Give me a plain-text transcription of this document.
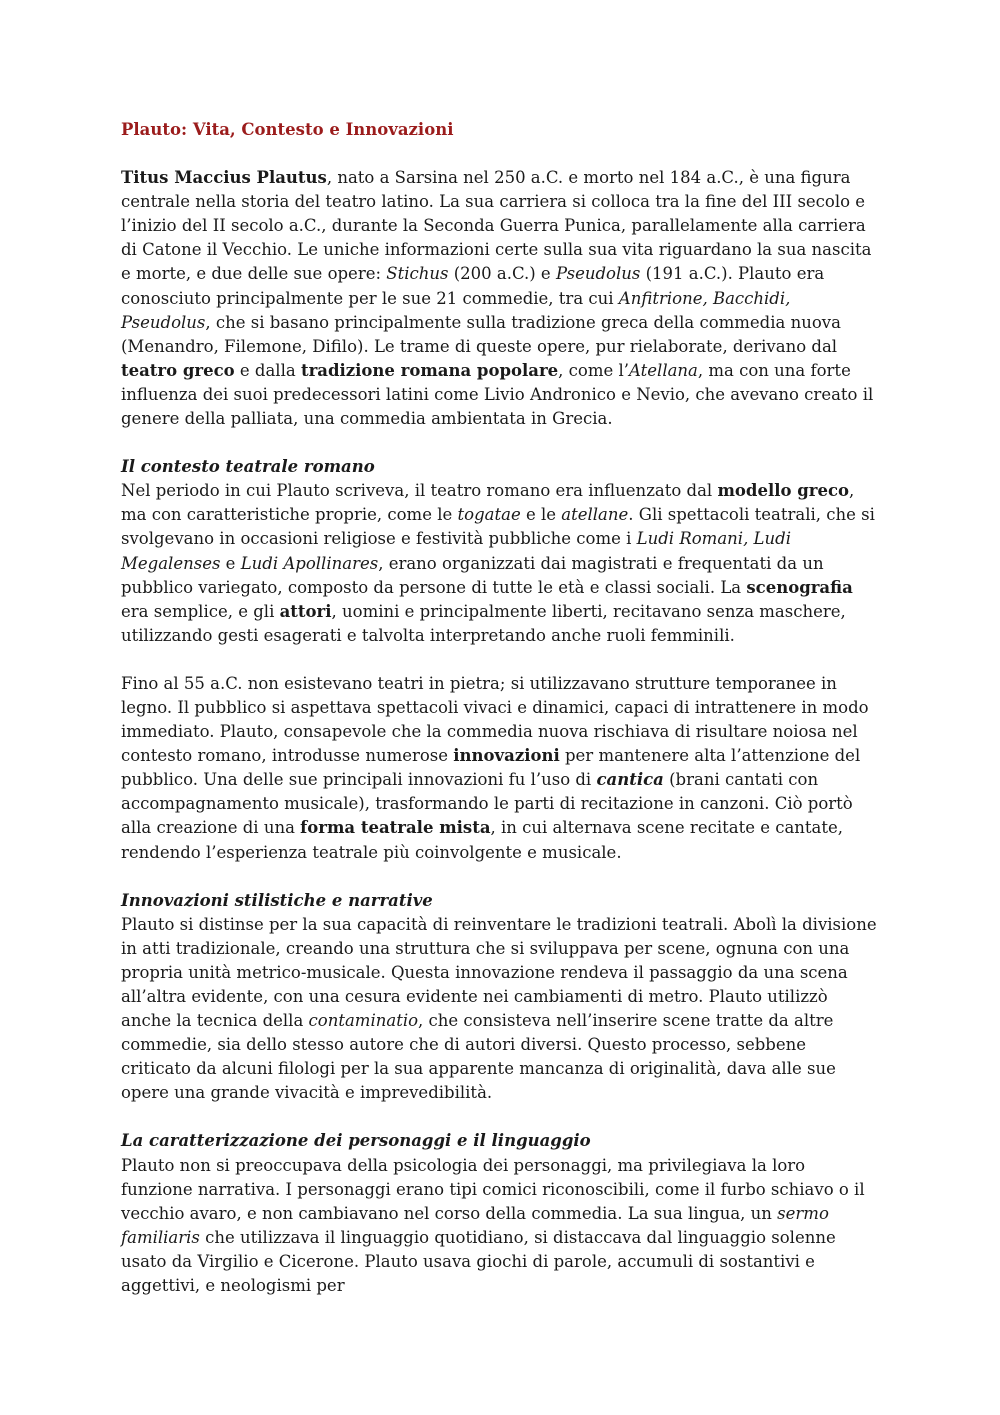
Plauto: Vita, Contesto e Innovazioni

Titus Maccius Plautus, nato a Sarsina nel 250 a.C. e morto nel 184 a.C., è una figura centrale nella storia del teatro latino. La sua carriera si colloca tra la fine del III secolo e l’inizio del II secolo a.C., durante la Seconda Guerra Punica, parallelamente alla carriera di Catone il Vecchio. Le uniche informazioni certe sulla sua vita riguardano la sua nascita e morte, e due delle sue opere: Stichus (200 a.C.) e Pseudolus (191 a.C.). Plauto era conosciuto principalmente per le sue 21 commedie, tra cui Anfitrione, Bacchidi, Pseudolus, che si basano principalmente sulla tradizione greca della commedia nuova (Menandro, Filemone, Difilo). Le trame di queste opere, pur rielaborate, derivano dal teatro greco e dalla tradizione romana popolare, come l’Atellana, ma con una forte influenza dei suoi predecessori latini come Livio Andronico e Nevio, che avevano creato il genere della palliata, una commedia ambientata in Grecia.

Il contesto teatrale romano

Nel periodo in cui Plauto scriveva, il teatro romano era influenzato dal modello greco, ma con caratteristiche proprie, come le togatae e le atellane. Gli spettacoli teatrali, che si svolgevano in occasioni religiose e festività pubbliche come i Ludi Romani, Ludi Megalenses e Ludi Apollinares, erano organizzati dai magistrati e frequentati da un pubblico variegato, composto da persone di tutte le età e classi sociali. La scenografia era semplice, e gli attori, uomini e principalmente liberti, recitavano senza maschere, utilizzando gesti esagerati e talvolta interpretando anche ruoli femminili.

Fino al 55 a.C. non esistevano teatri in pietra; si utilizzavano strutture temporanee in legno. Il pubblico si aspettava spettacoli vivaci e dinamici, capaci di intrattenere in modo immediato. Plauto, consapevole che la commedia nuova rischiava di risultare noiosa nel contesto romano, introdusse numerose innovazioni per mantenere alta l’attenzione del pubblico. Una delle sue principali innovazioni fu l’uso di cantica (brani cantati con accompagnamento musicale), trasformando le parti di recitazione in canzoni. Ciò portò alla creazione di una forma teatrale mista, in cui alternava scene recitate e cantate, rendendo l’esperienza teatrale più coinvolgente e musicale.

Innovazioni stilistiche e narrative

Plauto si distinse per la sua capacità di reinventare le tradizioni teatrali. Abolì la divisione in atti tradizionale, creando una struttura che si sviluppava per scene, ognuna con una propria unità metrico-musicale. Questa innovazione rendeva il passaggio da una scena all’altra evidente, con una cesura evidente nei cambiamenti di metro. Plauto utilizzò anche la tecnica della contaminatio, che consisteva nell’inserire scene tratte da altre commedie, sia dello stesso autore che di autori diversi. Questo processo, sebbene criticato da alcuni filologi per la sua apparente mancanza di originalità, dava alle sue opere una grande vivacità e imprevedibilità.

La caratterizzazione dei personaggi e il linguaggio

Plauto non si preoccupava della psicologia dei personaggi, ma privilegiava la loro funzione narrativa. I personaggi erano tipi comici riconoscibili, come il furbo schiavo o il vecchio avaro, e non cambiavano nel corso della commedia. La sua lingua, un sermo familiaris che utilizzava il linguaggio quotidiano, si distaccava dal linguaggio solenne usato da Virgilio e Cicerone. Plauto usava giochi di parole, accumuli di sostantivi e aggettivi, e neologismi per
